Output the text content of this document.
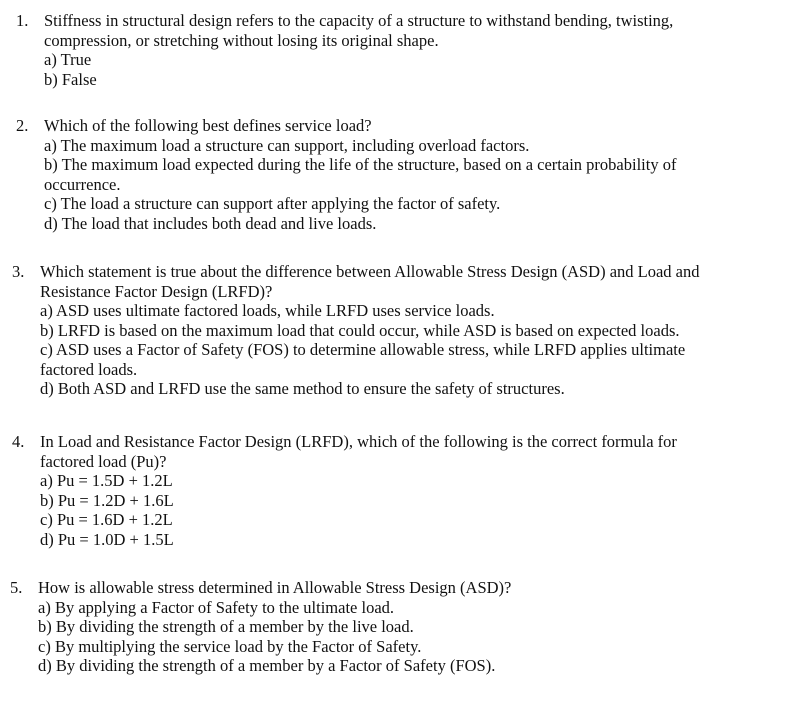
1. Stiffness in structural design refers to the capacity of a structure to withstand bending, twisting,
compression, or stretching without losing its original shape.
a) True
b) False
2. Which of the following best defines service load?
a) The maximum load a structure can support, including overload factors.
b) The maximum load expected during the life of the structure, based on a certain probability of
occurrence.
c) The load a structure can support after applying the factor of safety.
d) The load that includes both dead and live loads.
3. Which statement is true about the difference between Allowable Stress Design (ASD) and Load and
Resistance Factor Design (LRFD)?
a) ASD uses ultimate factored loads, while LRFD uses service loads.
b) LRFD is based on the maximum load that could occur, while ASD is based on expected loads.
c) ASD uses a Factor of Safety (FOS) to determine allowable stress, while LRFD applies ultimate
factored loads.
d) Both ASD and LRFD use the same method to ensure the safety of structures.
4. In Load and Resistance Factor Design (LRFD), which of the following is the correct formula for
factored load (Pu)?
a) Pu = 1.5D + 1.2L
b) Pu = 1.2D + 1.6L
c) Pu = 1.6D + 1.2L
d) Pu = 1.0D + 1.5L
5. How is allowable stress determined in Allowable Stress Design (ASD)?
a) By applying a Factor of Safety to the ultimate load.
b) By dividing the strength of a member by the live load.
c) By multiplying the service load by the Factor of Safety.
d) By dividing the strength of a member by a Factor of Safety (FOS).
